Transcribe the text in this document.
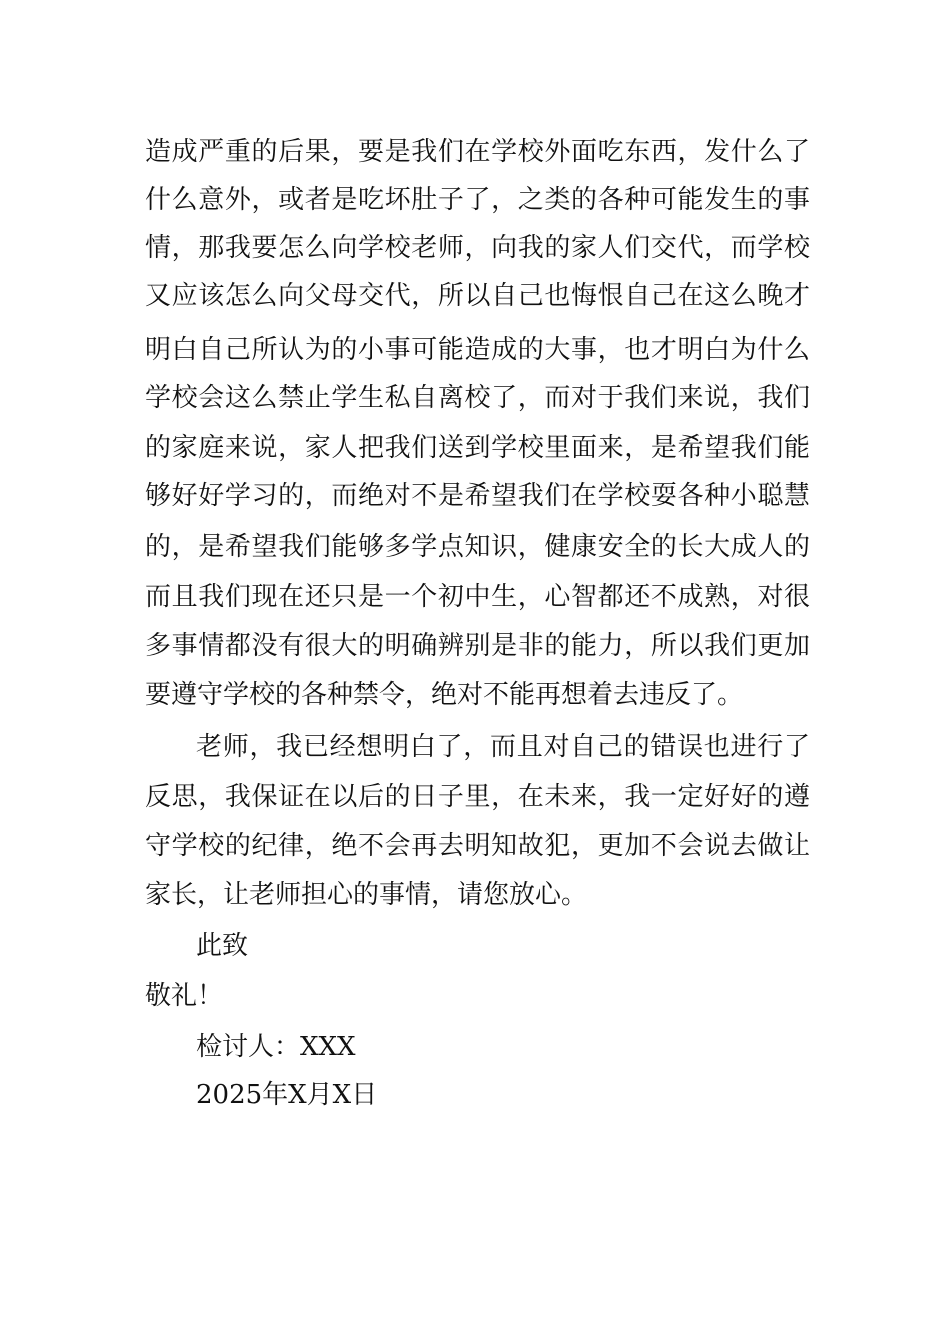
造成严重的后果，要是我们在学校外面吃东西，发什么了
什么意外，或者是吃坏肚子了，之类的各种可能发生的事
情，那我要怎么向学校老师，向我的家人们交代，而学校
又应该怎么向父母交代，所以自己也悔恨自己在这么晚才
明白自己所认为的小事可能造成的大事，也才明白为什么
学校会这么禁止学生私自离校了，而对于我们来说，我们
的家庭来说，家人把我们送到学校里面来，是希望我们能
够好好学习的，而绝对不是希望我们在学校耍各种小聪慧
的，是希望我们能够多学点知识，健康安全的长大成人的
而且我们现在还只是一个初中生，心智都还不成熟，对很
多事情都没有很大的明确辨别是非的能力，所以我们更加
要遵守学校的各种禁令，绝对不能再想着去违反了。
老师，我已经想明白了，而且对自己的错误也进行了
反思，我保证在以后的日子里，在未来，我一定好好的遵
守学校的纪律，绝不会再去明知故犯，更加不会说去做让
家长，让老师担心的事情，请您放心。
此致
敬礼！
检讨人：XXX
2025年X月X日
